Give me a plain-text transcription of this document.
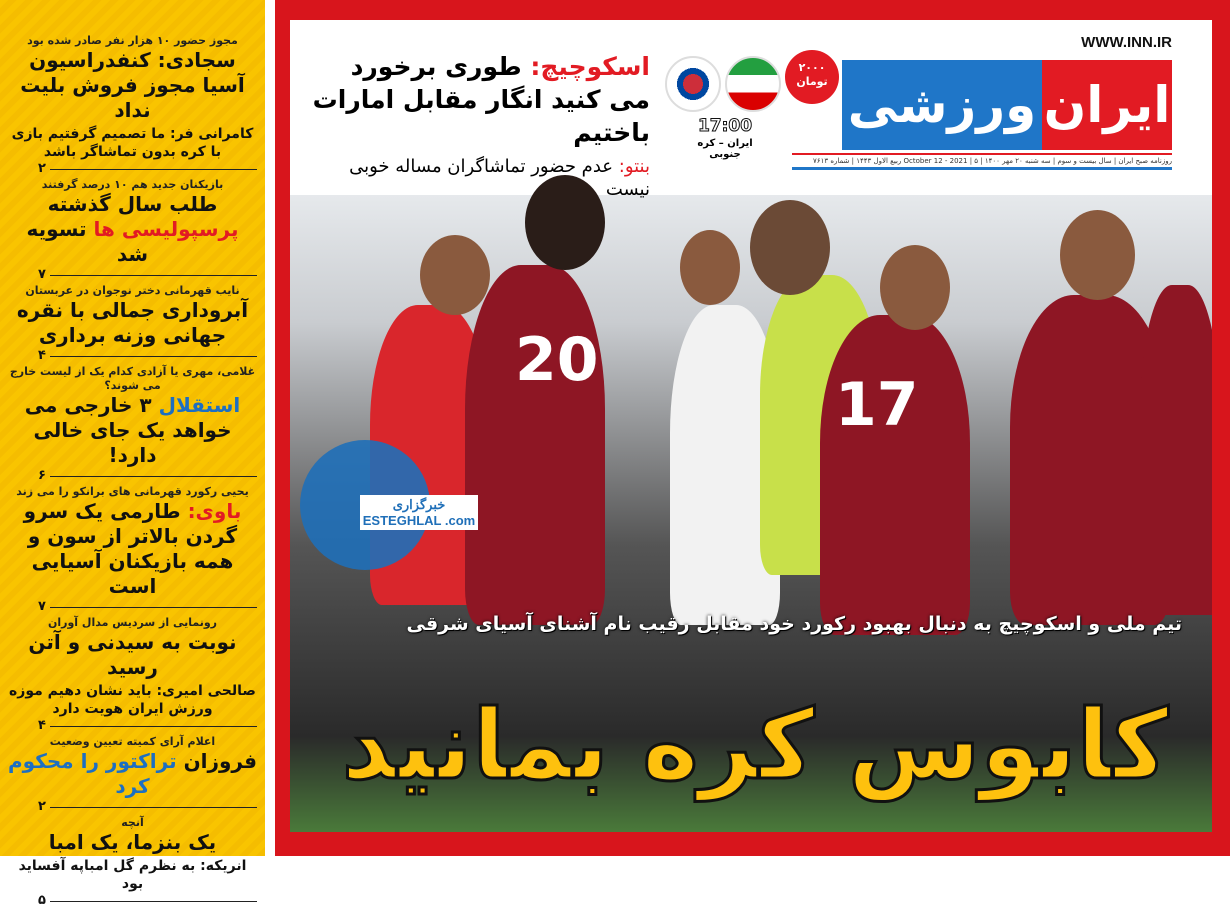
مجوز حضور ۱۰ هزار نفر صادر شده بود
سجادی: کنفدراسیون آسیا مجوز فروش بلیت نداد
کامرانی فر: ما تصمیم گرفتیم بازی با کره بدون تماشاگر باشد
۲
بازیکنان جدید هم ۱۰ درصد گرفتند
طلب سال گذشته
پرسپولیسی ها تسویه شد
۷
نایب قهرمانی دختر نوجوان در عربستان
آبروداری جمالی با نقره جهانی وزنه برداری
۴
غلامی، مهری یا آزادی کدام یک از لیست خارج می شوند؟
استقلال ۳ خارجی می خواهد یک جای خالی دارد!
۶
یحیی رکورد قهرمانی های برانکو را می زند
باوی: طارمی یک سرو گردن بالاتر از سون و همه بازیکنان آسیایی است
۷
رونمایی از سردیس مدال آوران
نوبت به سیدنی و آتن رسید
صالحی امیری: باید نشان دهیم موزه ورزش ایران هویت دارد
۴
اعلام آرای کمیته تعیین وضعیت
فروزان تراکتور را محکوم کرد
۲
آنچه
یک بنزما، یک امبا
انریکه: به نظرم گل امباپه آفساید بود
۵
20
17
WWW.INN.IR
ایران
ورزشی
۲۰۰۰ تومان
روزنامه صبح ایران | سال بیست و سوم | سه شنبه ۲۰ مهر ۱۴۰۰ | October 12 - 2021 | ۵ ربیع الاول ۱۴۴۳ | شماره ۷۶۱۳
17:00
ایران – کره جنوبی
اسکوچیچ: طوری برخورد می کنید انگار مقابل امارات باختیم
بنتو: عدم حضور تماشاگران مساله خوبی نیست
تیم ملی و اسکوچیچ به دنبال بهبود رکورد خود مقابل رقیب نام آشنای آسیای شرقی
کابوس کره بمانید
خبرگزاری ESTEGHLAL .com
